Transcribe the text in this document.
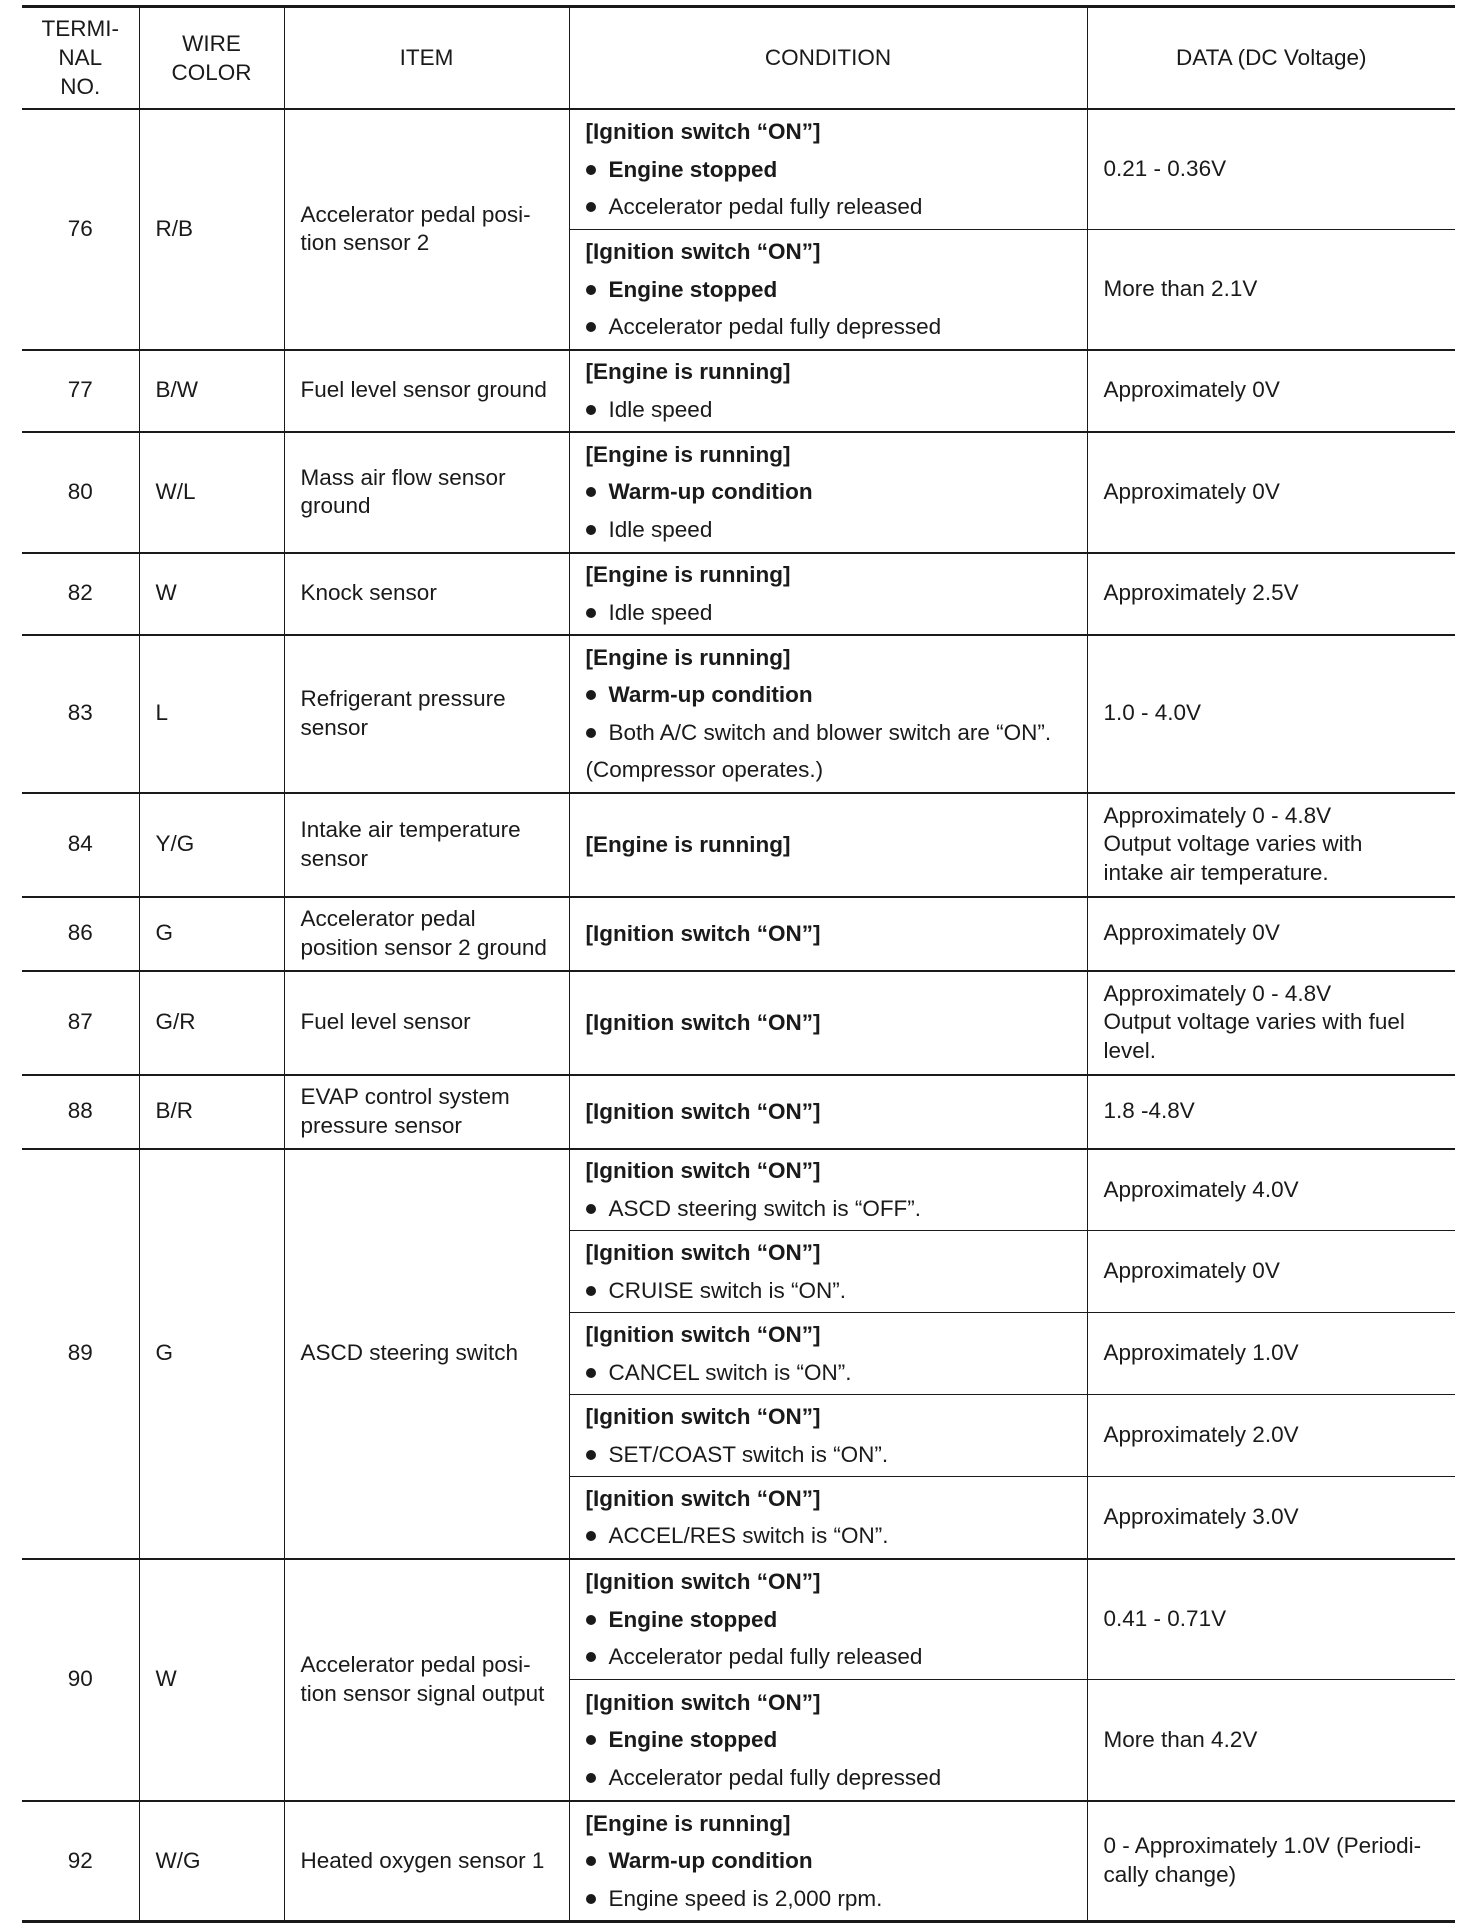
TERMI-
NAL
NO.	WIRE
COLOR	ITEM	CONDITION	DATA (DC Voltage)
76	R/B	Accelerator pedal posi-
tion sensor 2	[Ignition switch “ON”]
Engine stopped
Accelerator pedal fully released	0.21 - 0.36V

			[Ignition switch “ON”]
Engine stopped
Accelerator pedal fully depressed	More than 2.1V

77	B/W	Fuel level sensor ground	[Engine is running]
Idle speed	Approximately 0V

80	W/L	Mass air flow sensor
ground	[Engine is running]
Warm-up condition
Idle speed	Approximately 0V

82	W	Knock sensor	[Engine is running]
Idle speed	Approximately 2.5V

83	L	Refrigerant pressure
sensor	[Engine is running]
Warm-up condition
Both A/C switch and blower switch are “ON”.
(Compressor operates.)	1.0 - 4.0V

84	Y/G	Intake air temperature
sensor	[Engine is running]	Approximately 0 - 4.8V
Output voltage varies with
intake air temperature.

86	G	Accelerator pedal
position sensor 2 ground	[Ignition switch “ON”]	Approximately 0V

87	G/R	Fuel level sensor	[Ignition switch “ON”]	Approximately 0 - 4.8V
Output voltage varies with fuel
level.

88	B/R	EVAP control system
pressure sensor	[Ignition switch “ON”]	1.8 -4.8V

89	G	ASCD steering switch	[Ignition switch “ON”]
ASCD steering switch is “OFF”.	Approximately 4.0V

			[Ignition switch “ON”]
CRUISE switch is “ON”.	Approximately 0V

			[Ignition switch “ON”]
CANCEL switch is “ON”.	Approximately 1.0V

			[Ignition switch “ON”]
SET/COAST switch is “ON”.	Approximately 2.0V

			[Ignition switch “ON”]
ACCEL/RES switch is “ON”.	Approximately 3.0V

90	W	Accelerator pedal posi-
tion sensor signal output	[Ignition switch “ON”]
Engine stopped
Accelerator pedal fully released	0.41 - 0.71V

			[Ignition switch “ON”]
Engine stopped
Accelerator pedal fully depressed	More than 4.2V

92	W/G	Heated oxygen sensor 1	[Engine is running]
Warm-up condition
Engine speed is 2,000 rpm.	0 - Approximately 1.0V (Periodi-
cally change)
